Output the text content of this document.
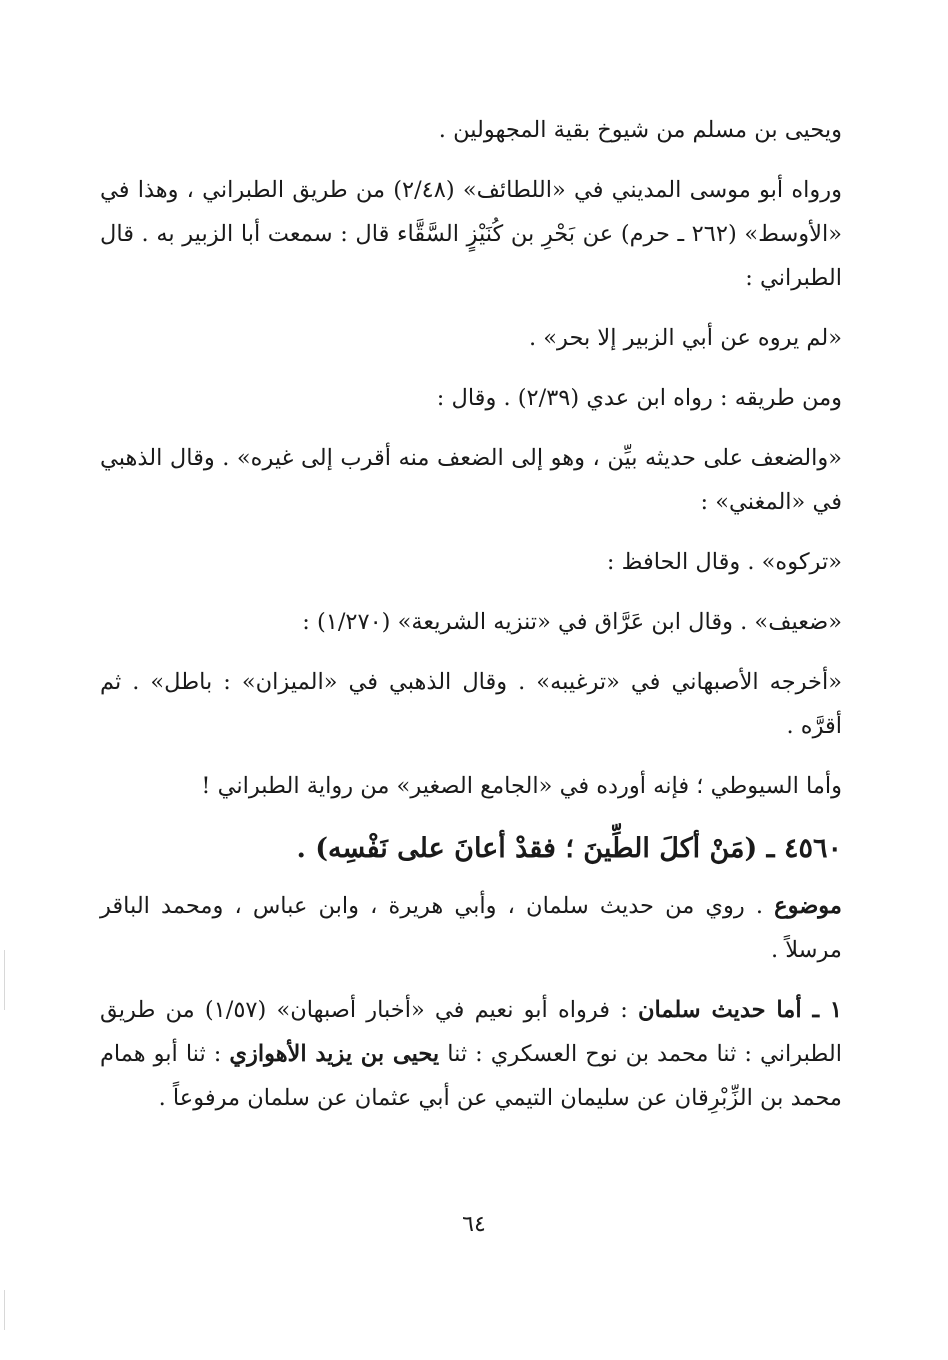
ويحيى بن مسلم من شيوخ بقية المجهولين .

ورواه أبو موسى المديني في «اللطائف» (٢/٤٨) من طريق الطبراني ، وهذا في «الأوسط» (٢٦٢ ـ حرم) عن بَحْرِ بن كُنَيْزٍ السَّقَّاء قال : سمعت أبا الزبير به . قال الطبراني :

«لم يروه عن أبي الزبير إلا بحر» .

ومن طريقه : رواه ابن عدي (٢/٣٩) . وقال :

«والضعف على حديثه بيِّن ، وهو إلى الضعف منه أقرب إلى غيره» . وقال الذهبي في «المغني» :

«تركوه» . وقال الحافظ :

«ضعيف» . وقال ابن عَرَّاق في «تنزيه الشريعة» (١/٢٧٠) :

«أخرجه الأصبهاني في «ترغيبه» . وقال الذهبي في «الميزان» : باطل» . ثم أقرَّه .

وأما السيوطي ؛ فإنه أورده في «الجامع الصغير» من رواية الطبراني !

٤٥٦٠ ـ (مَنْ أكلَ الطِّينَ ؛ فقدْ أعانَ على نَفْسِه) .

موضوع . روي من حديث سلمان ، وأبي هريرة ، وابن عباس ، ومحمد الباقر مرسلاً .

١ ـ أما حديث سلمان : فرواه أبو نعيم في «أخبار أصبهان» (١/٥٧) من طريق الطبراني : ثنا محمد بن نوح العسكري : ثنا يحيى بن يزيد الأهوازي : ثنا أبو همام محمد بن الزِّبْرِقان عن سليمان التيمي عن أبي عثمان عن سلمان مرفوعاً .

٦٤
